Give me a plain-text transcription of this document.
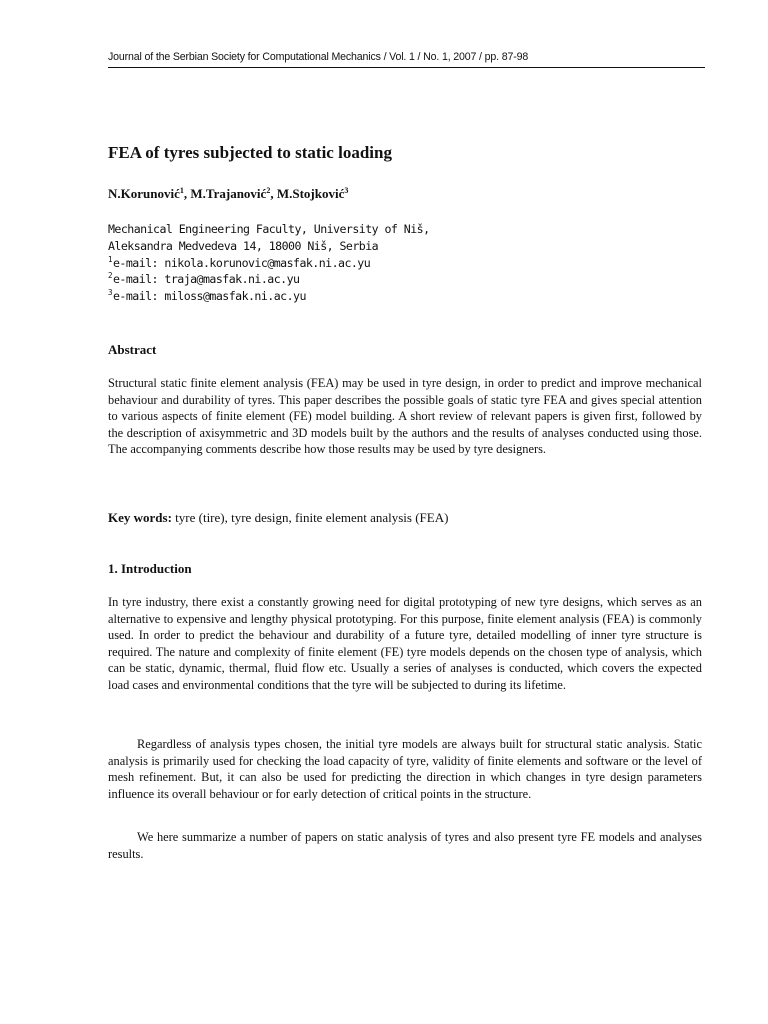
Journal of the Serbian Society for Computational Mechanics / Vol. 1 / No. 1, 2007 / pp. 87-98
FEA of tyres subjected to static loading
N.Korunović$^1$, M.Trajanović$^2$, M.Stojković$^3$
Mechanical Engineering Faculty, University of Niš,
Aleksandra Medvedeva 14, 18000 Niš, Serbia
$^1$e-mail: nikola.korunovic@masfak.ni.ac.yu
$^2$e-mail: traja@masfak.ni.ac.yu
$^3$e-mail: miloss@masfak.ni.ac.yu
Abstract

Structural static finite element analysis (FEA) may be used in tyre design, in order to predict and improve mechanical behaviour and durability of tyres. This paper describes the possible goals of static tyre FEA and gives special attention to various aspects of finite element (FE) model building. A short review of relevant papers is given first, followed by the description of axisymmetric and 3D models built by the authors and the results of analyses conducted using those. The accompanying comments describe how those results may be used by tyre designers.

Key words: tyre (tire), tyre design, finite element analysis (FEA)
1. Introduction

In tyre industry, there exist a constantly growing need for digital prototyping of new tyre designs, which serves as an alternative to expensive and lengthy physical prototyping. For this purpose, finite element analysis (FEA) is commonly used. In order to predict the behaviour and durability of a future tyre, detailed modelling of inner tyre structure is required. The nature and complexity of finite element (FE) tyre models depends on the chosen type of analysis, which can be static, dynamic, thermal, fluid flow etc. Usually a series of analyses is conducted, which covers the expected load cases and environmental conditions that the tyre will be subjected to during its lifetime.

Regardless of analysis types chosen, the initial tyre models are always built for structural static analysis. Static analysis is primarily used for checking the load capacity of tyre, validity of finite elements and software or the level of mesh refinement. But, it can also be used for predicting the direction in which changes in tyre design parameters influence its overall behaviour or for early detection of critical points in the structure.

We here summarize a number of papers on static analysis of tyres and also present tyre FE models and analyses results.
